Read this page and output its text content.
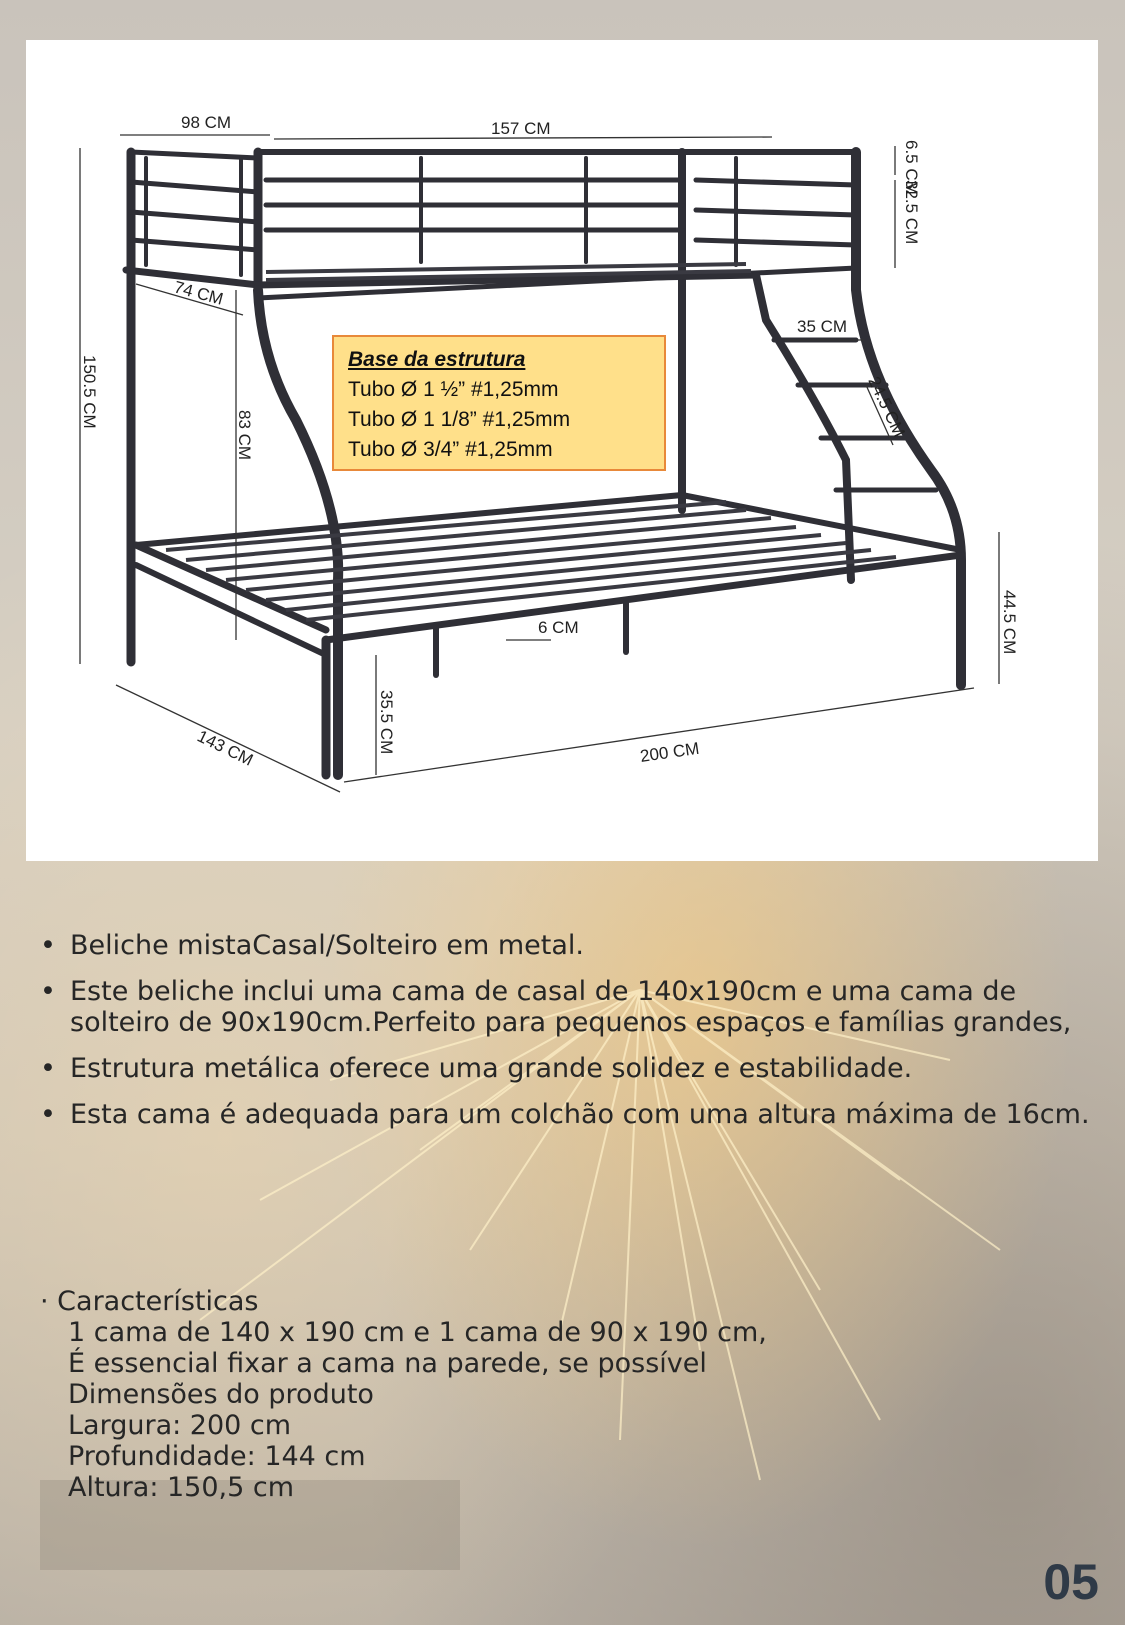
98 CM	157 CM
6.5 CM
32.5 CM
150.5 CM
74 CM
83 CM
35 CM
24.5 CM
44.5 CM
6 CM
35.5 CM
143 CM	200 CM
Base da estrutura
Tubo Ø 1 ½” #1,25mm
Tubo Ø 1 1/8” #1,25mm
Tubo Ø 3/4” #1,25mm
• Beliche mistaCasal/Solteiro em metal.
• Este beliche inclui uma cama de casal de 140x190cm e uma cama de solteiro de 90x190cm.Perfeito para pequenos espaços e famílias grandes,
• Estrutura metálica oferece uma grande solidez e estabilidade.
• Esta cama é adequada para um colchão com uma altura máxima de 16cm.
· Características
1 cama de 140 x 190 cm e 1 cama de 90 x 190 cm,
É essencial fixar a cama na parede, se possível
Dimensões do produto
Largura: 200 cm
Profundidade: 144 cm
Altura: 150,5 cm
05
